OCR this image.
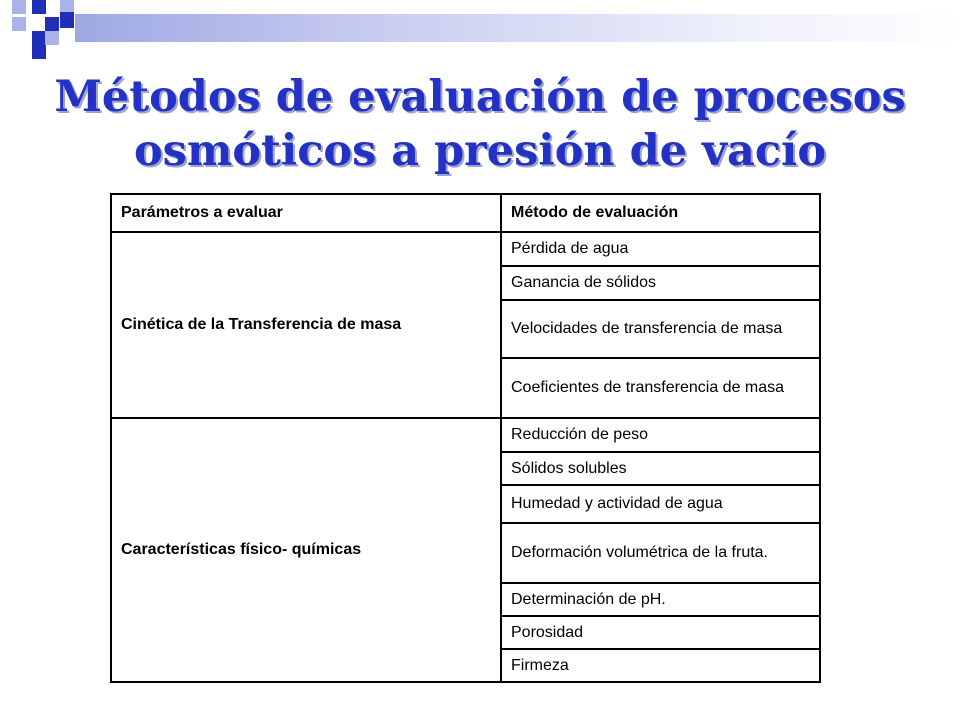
Métodos de evaluación de procesos
osmóticos a presión de vacío
Parámetros a evaluar	Método de evaluación
Cinética de la Transferencia de masa	Pérdida de agua
	Ganancia de sólidos
	Velocidades de transferencia de masa
	Coeficientes de transferencia de masa
Características físico- químicas	Reducción de peso
	Sólidos solubles
	Humedad y actividad de agua
	Deformación volumétrica de la fruta.
	Determinación de pH.
	Porosidad
	Firmeza
